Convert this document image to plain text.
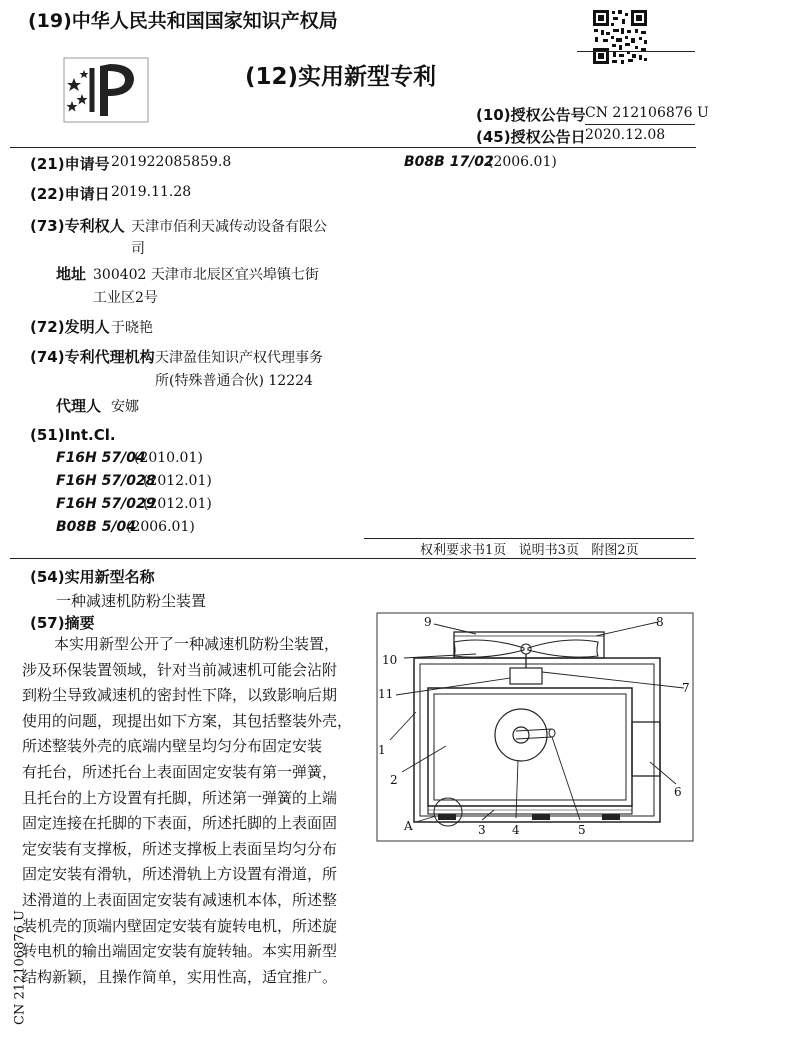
(19)中华人民共和国国家知识产权局
(12)实用新型专利
(10)授权公告号 CN 212106876 U
(45)授权公告日 2020.12.08
(21)申请号 201922085859.8	B08B 17/02
(2006.01)
(22)申请日 2019.11.28
(73)专利权人 天津市佰利天减传动设备有限公
司
地址 300402 天津市北辰区宜兴埠镇七街
工业区2号
(72)发明人 于晓艳
(74)专利代理机构 天津盈佳知识产权代理事务
所(特殊普通合伙) 12224
代理人 安娜
(51)Int.Cl.
F16H 57/04
(2010.01)
F16H 57/028
(2012.01)
F16H 57/029
(2012.01)
B08B 5/04
(2006.01)
权利要求书1页   说明书3页   附图2页
(54)实用新型名称
一种减速机防粉尘装置
(57)摘要

本实用新型公开了一种减速机防粉尘装置，

涉及环保装置领域，针对当前减速机可能会沾附

到粉尘导致减速机的密封性下降，以致影响后期

使用的问题，现提出如下方案，其包括整装外壳，

所述整装外壳的底端内壁呈均匀分布固定安装

有托台，所述托台上表面固定安装有第一弹簧，

且托台的上方设置有托脚，所述第一弹簧的上端

固定连接在托脚的下表面，所述托脚的上表面固

定安装有支撑板，所述支撑板上表面呈均匀分布

固定安装有滑轨，所述滑轨上方设置有滑道，所

述滑道的上表面固定安装有减速机本体，所述整

装机壳的顶端内壁固定安装有旋转电机，所述旋

转电机的输出端固定安装有旋转轴。本实用新型

结构新颖，且操作简单，实用性高，适宜推广。

1
2
3 4	5
6
7
8
9
10
11
A
CN 212106876 U
